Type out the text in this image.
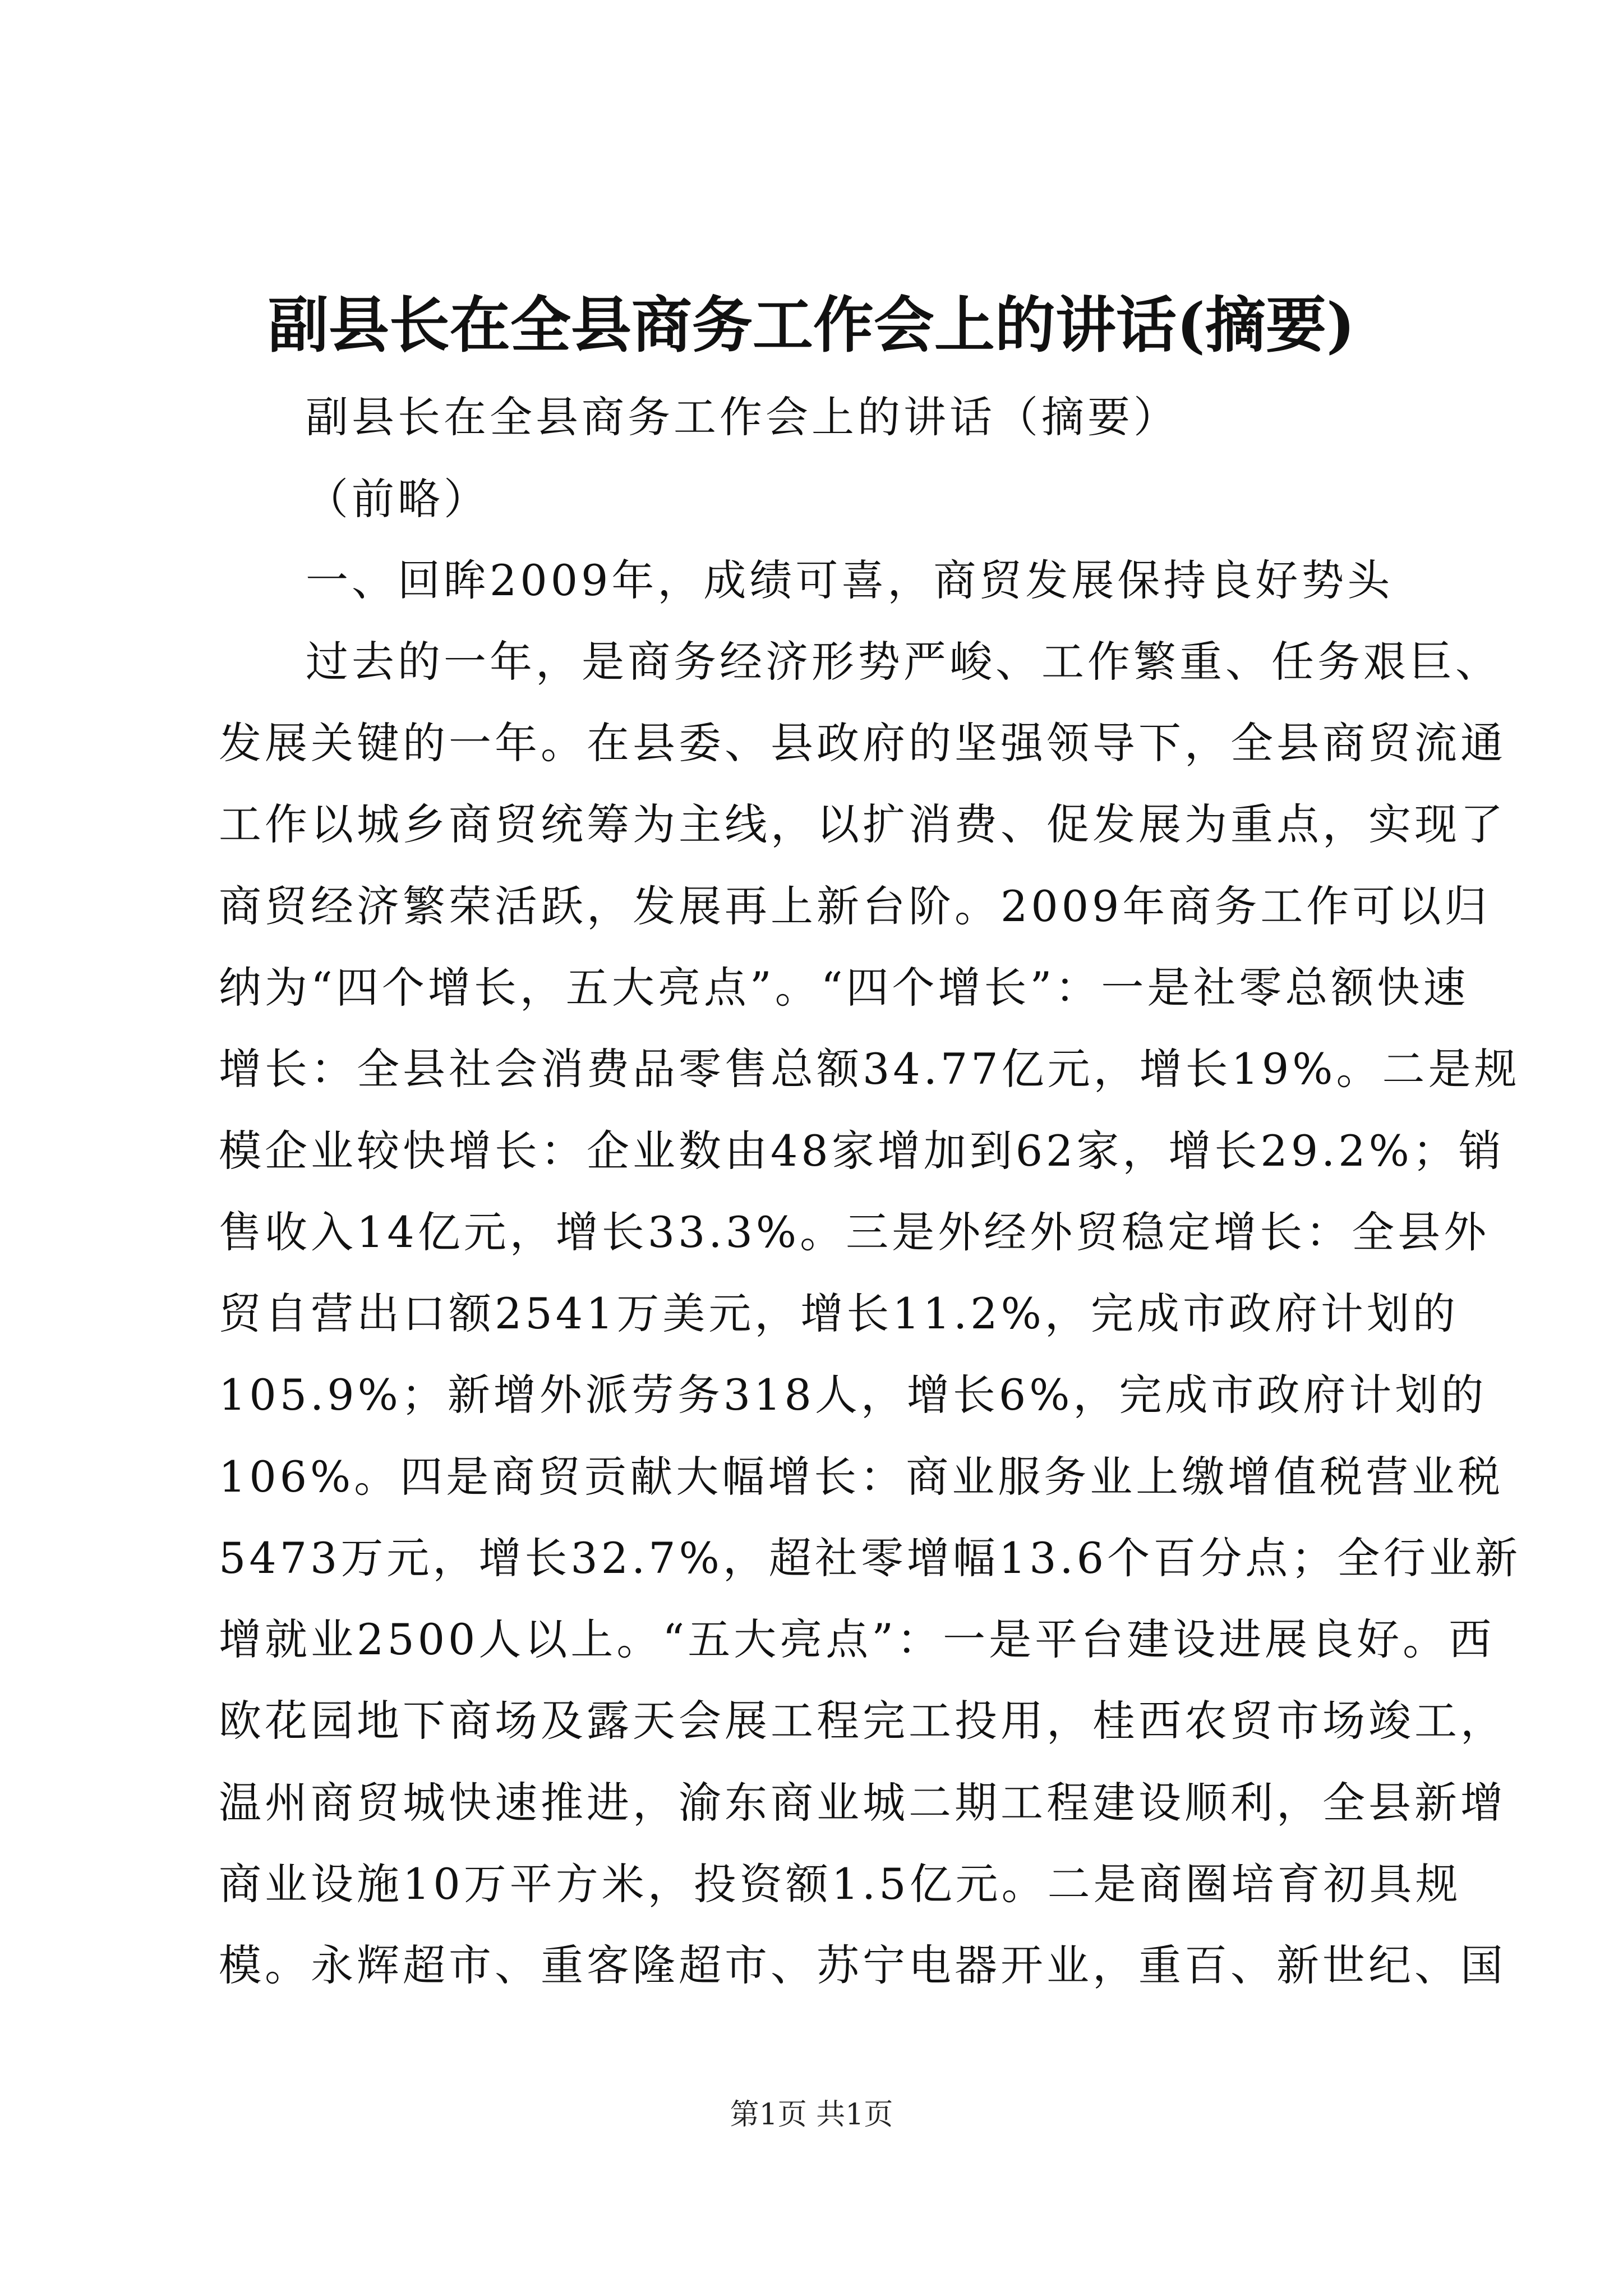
副县长在全县商务工作会上的讲话(摘要)
副县长在全县商务工作会上的讲话（摘要）
（前略）
一、回眸2009年，成绩可喜，商贸发展保持良好势头
过去的一年，是商务经济形势严峻、工作繁重、任务艰巨、
发展关键的一年。在县委、县政府的坚强领导下，全县商贸流通
工作以城乡商贸统筹为主线，以扩消费、促发展为重点，实现了
商贸经济繁荣活跃，发展再上新台阶。2009年商务工作可以归
纳为“四个增长，五大亮点”。“四个增长”：一是社零总额快速
增长：全县社会消费品零售总额34.77亿元，增长19%。二是规
模企业较快增长：企业数由48家增加到62家，增长29.2%；销
售收入14亿元，增长33.3%。三是外经外贸稳定增长：全县外
贸自营出口额2541万美元，增长11.2%，完成市政府计划的
105.9%；新增外派劳务318人，增长6%，完成市政府计划的
106%。四是商贸贡献大幅增长：商业服务业上缴增值税营业税
5473万元，增长32.7%，超社零增幅13.6个百分点；全行业新
增就业2500人以上。“五大亮点”：一是平台建设进展良好。西
欧花园地下商场及露天会展工程完工投用，桂西农贸市场竣工，
温州商贸城快速推进，渝东商业城二期工程建设顺利，全县新增
商业设施10万平方米，投资额1.5亿元。二是商圈培育初具规
模。永辉超市、重客隆超市、苏宁电器开业，重百、新世纪、国
第1页 共1页
